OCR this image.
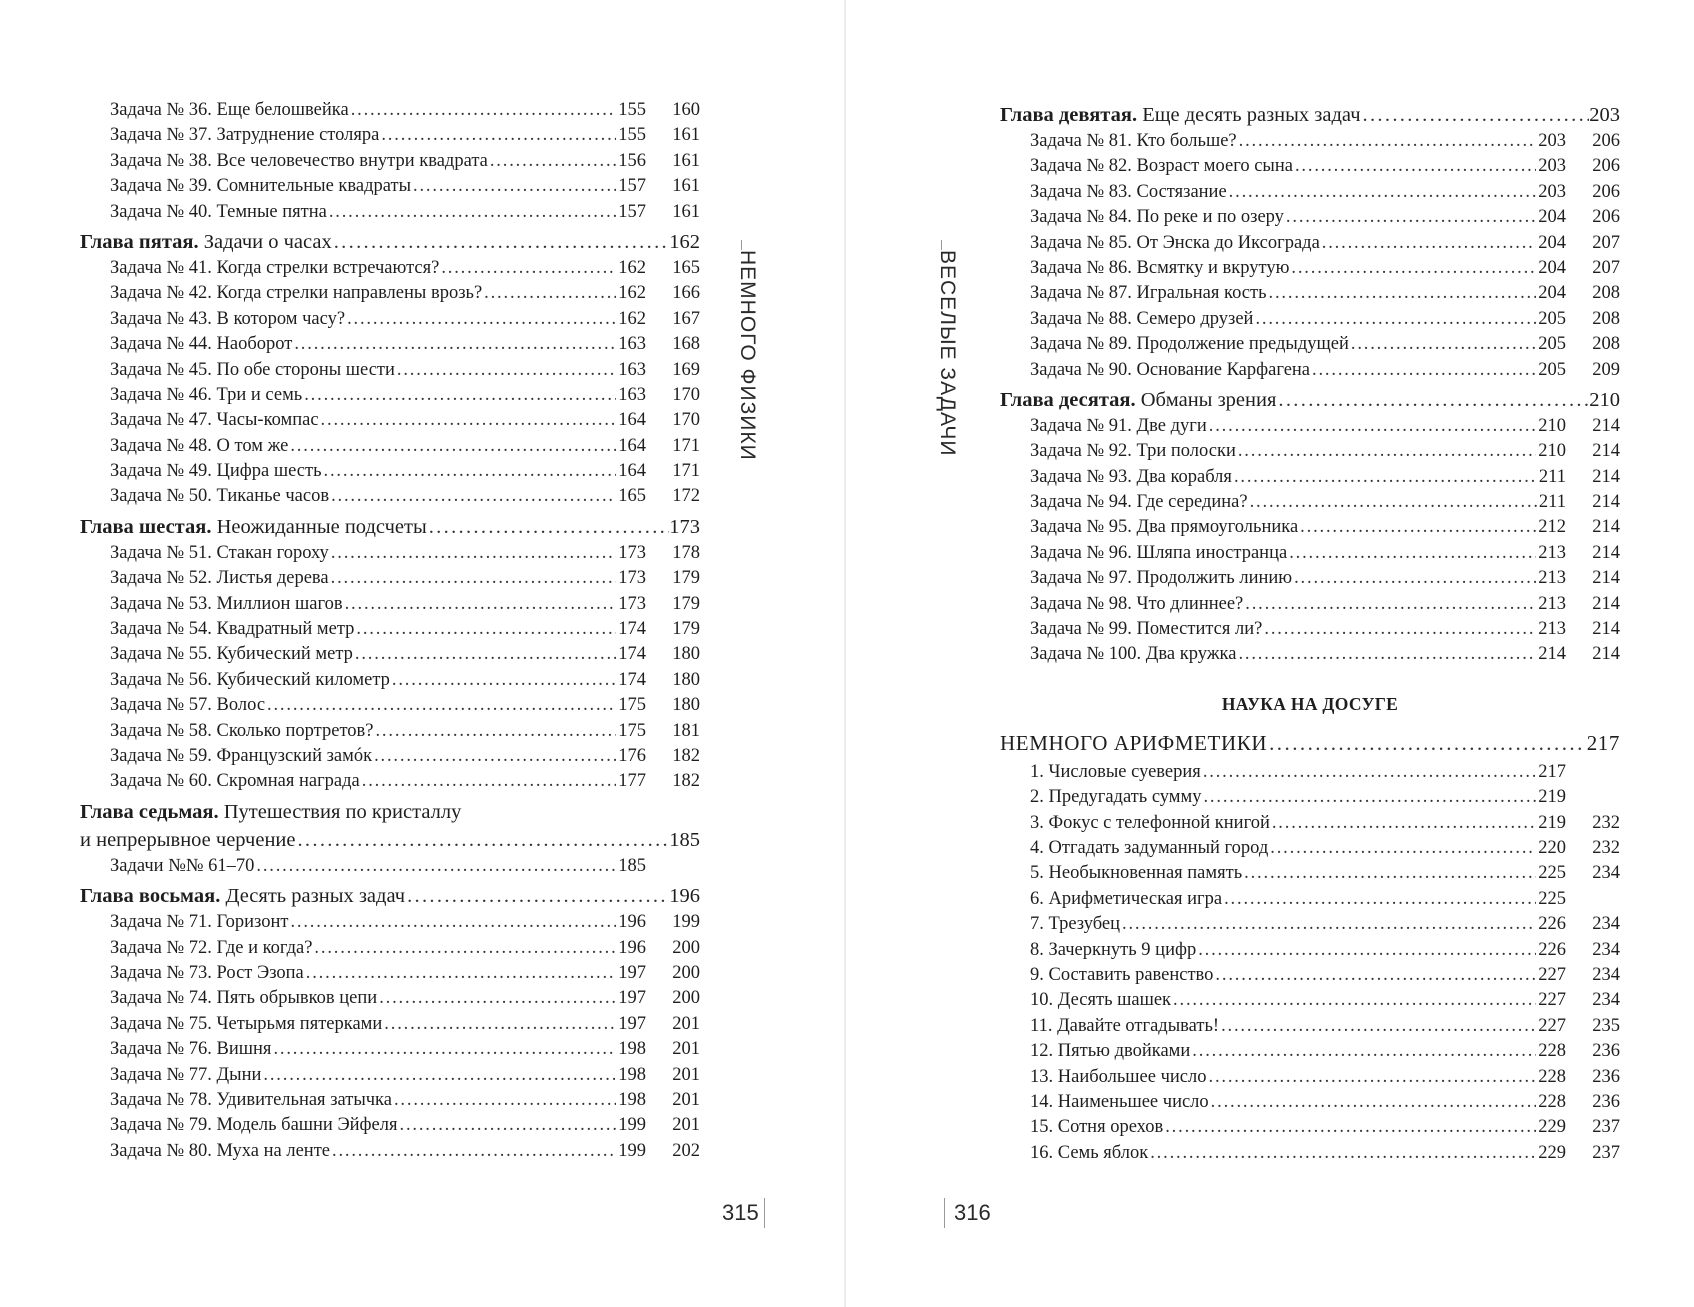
Задача № 36. Еще белошвейка . . .	155	160
Задача № 37. Затруднение столяра . . .	155	161
Задача № 38. Все человечество внутри квадрата . . .	156	161
Задача № 39. Сомнительные квадраты . . .	157	161
Задача № 40. Темные пятна . . .	157	161
Глава пятая. Задачи о часах . . .	162
Задача № 41. Когда стрелки встречаются? . . .	162	165
Задача № 42. Когда стрелки направлены врозь? . . .	162	166
Задача № 43. В котором часу? . . .	162	167
Задача № 44. Наоборот . . .	163	168
Задача № 45. По обе стороны шести . . .	163	169
Задача № 46. Три и семь . . .	163	170
Задача № 47. Часы-компас . . .	164	170
Задача № 48. О том же . . .	164	171
Задача № 49. Цифра шесть . . .	164	171
Задача № 50. Тиканье часов . . .	165	172
Глава шестая. Неожиданные подсчеты . . .	173
Задача № 51. Стакан гороху . . .	173	178
Задача № 52. Листья дерева . . .	173	179
Задача № 53. Миллион шагов . . .	173	179
Задача № 54. Квадратный метр . . .	174	179
Задача № 55. Кубический метр . . .	174	180
Задача № 56. Кубический километр . . .	174	180
Задача № 57. Волос . . .	175	180
Задача № 58. Сколько портретов? . . .	175	181
Задача № 59. Французский замóк . . .	176	182
Задача № 60. Скромная награда . . .	177	182
Глава седьмая. Путешествия по кристаллу
и непрерывное черчение . . .	185
Задачи №№ 61–70 . . .	185
Глава восьмая. Десять разных задач . . .	196
Задача № 71. Горизонт . . .	196	199
Задача № 72. Где и когда? . . .	196	200
Задача № 73. Рост Эзопа . . .	197	200
Задача № 74. Пять обрывков цепи . . .	197	200
Задача № 75. Четырьмя пятерками . . .	197	201
Задача № 76. Вишня . . .	198	201
Задача № 77. Дыни . . .	198	201
Задача № 78. Удивительная затычка . . .	198	201
Задача № 79. Модель башни Эйфеля . . .	199	201
Задача № 80. Муха на ленте . . .	199	202
НЕМНОГО ФИЗИКИ
315
ВЕСЕЛЫЕ ЗАДАЧИ
316
Глава девятая. Еще десять разных задач . . .	203
Задача № 81. Кто больше? . . .	203	206
Задача № 82. Возраст моего сына . . .	203	206
Задача № 83. Состязание . . .	203	206
Задача № 84. По реке и по озеру . . .	204	206
Задача № 85. От Энска до Иксограда . . .	204	207
Задача № 86. Всмятку и вкрутую . . .	204	207
Задача № 87. Игральная кость . . .	204	208
Задача № 88. Семеро друзей . . .	205	208
Задача № 89. Продолжение предыдущей . . .	205	208
Задача № 90. Основание Карфагена . . .	205	209
Глава десятая. Обманы зрения . . .	210
Задача № 91. Две дуги . . .	210	214
Задача № 92. Три полоски . . .	210	214
Задача № 93. Два корабля . . .	211	214
Задача № 94. Где середина? . . .	211	214
Задача № 95. Два прямоугольника . . .	212	214
Задача № 96. Шляпа иностранца . . .	213	214
Задача № 97. Продолжить линию . . .	213	214
Задача № 98. Что длиннее? . . .	213	214
Задача № 99. Поместится ли? . . .	213	214
Задача № 100. Два кружка . . .	214	214
НАУКА НА ДОСУГЕ
НЕМНОГО АРИФМЕТИКИ . . .	217
1. Числовые суеверия . . .	217
2. Предугадать сумму . . .	219
3. Фокус с телефонной книгой . . .	219	232
4. Отгадать задуманный город . . .	220	232
5. Необыкновенная память . . .	225	234
6. Арифметическая игра . . .	225
7. Трезубец . . .	226	234
8. Зачеркнуть 9 цифр . . .	226	234
9. Составить равенство . . .	227	234
10. Десять шашек . . .	227	234
11. Давайте отгадывать! . . .	227	235
12. Пятью двойками . . .	228	236
13. Наибольшее число . . .	228	236
14. Наименьшее число . . .	228	236
15. Сотня орехов . . .	229	237
16. Семь яблок . . .	229	237
